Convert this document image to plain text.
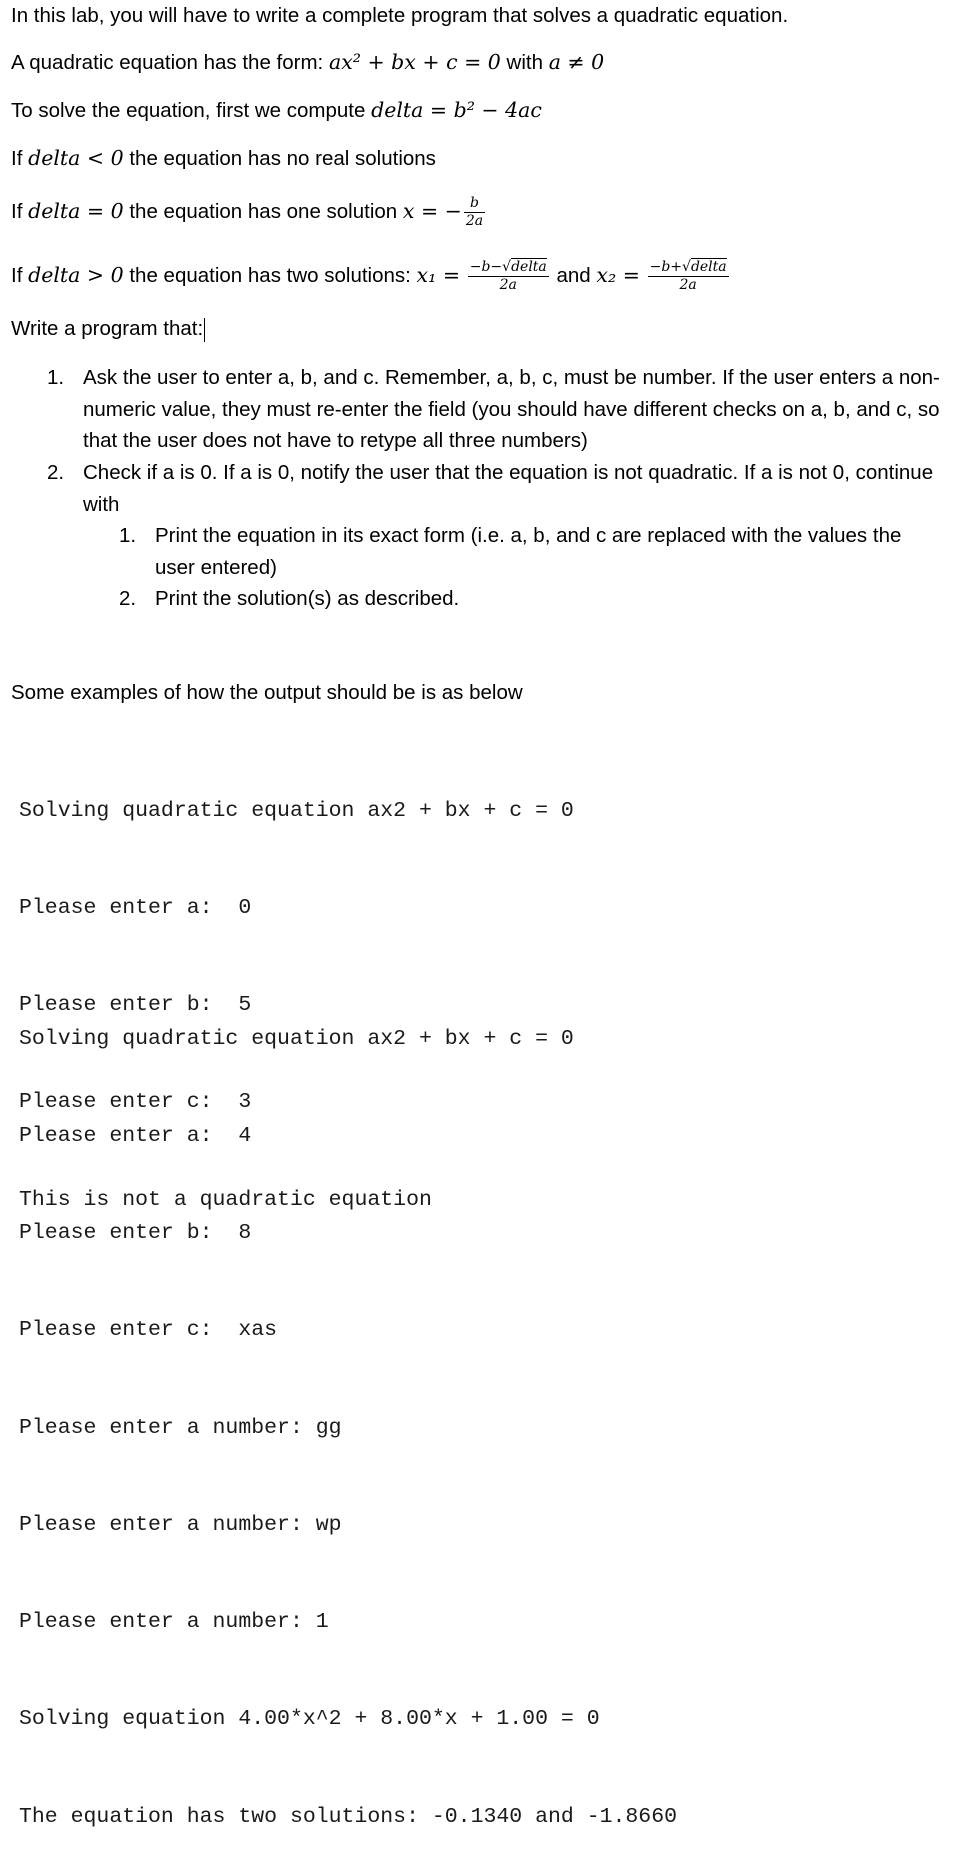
In this lab, you will have to write a complete program that solves a quadratic equation.
A quadratic equation has the form: ax² + bx + c = 0 with a ≠ 0
To solve the equation, first we compute delta = b² − 4ac
If delta < 0 the equation has no real solutions
If delta = 0 the equation has one solution x = − $\frac{b}{2a}$
If delta > 0 the equation has two solutions: $x_1 = \frac{\text{−b−√delta}}{2a}$ and $x_2 = \frac{\text{−b+√delta}}{2a}$
Write a program that:
1. Ask the user to enter a, b, and c. Remember, a, b, c, must be number. If the user enters a non-numeric value, they must re-enter the field (you should have different checks on a, b, and c, so that the user does not have to retype all three numbers)
2. Check if a is 0. If a is 0, notify the user that the equation is not quadratic. If a is not 0, continue with
1. Print the equation in its exact form (i.e. a, b, and c are replaced with the values the user entered)
2. Print the solution(s) as described.
Some examples of how the output should be is as below

Solving quadratic equation ax2 + bx + c = 0

Please enter a:  0

Please enter b:  5

Please enter c:  3

This is not a quadratic equation

Solving quadratic equation ax2 + bx + c = 0

Please enter a:  4

Please enter b:  8

Please enter c:  xas

Please enter a number: gg

Please enter a number: wp

Please enter a number: 1

Solving equation 4.00*x^2 + 8.00*x + 1.00 = 0

The equation has two solutions: -0.1340 and -1.8660
